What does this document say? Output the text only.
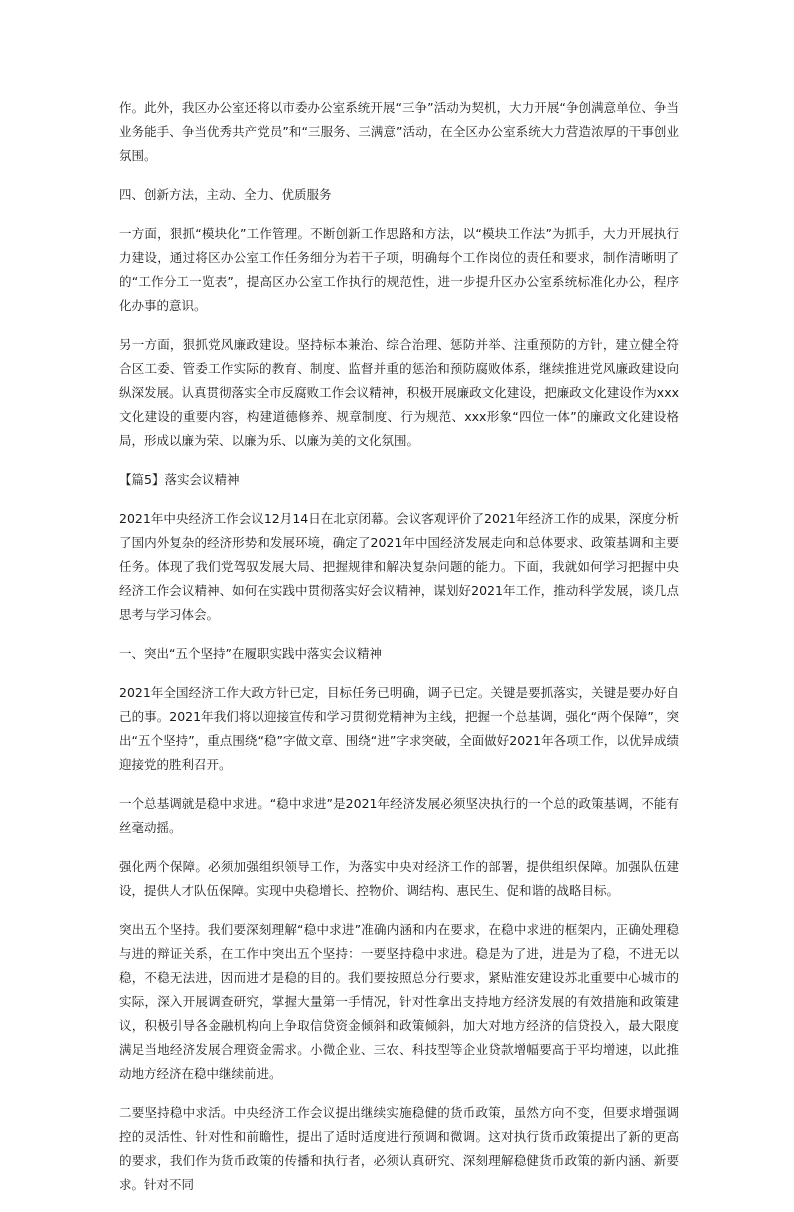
作。此外，我区办公室还将以市委办公室系统开展“三争”活动为契机，大力开展“争创满意单位、争当业务能手、争当优秀共产党员”和“三服务、三满意”活动，在全区办公室系统大力营造浓厚的干事创业氛围。

四、创新方法，主动、全力、优质服务

一方面，狠抓“模块化”工作管理。不断创新工作思路和方法，以“模块工作法”为抓手，大力开展执行力建设，通过将区办公室工作任务细分为若干子项，明确每个工作岗位的责任和要求，制作清晰明了的“工作分工一览表”，提高区办公室工作执行的规范性，进一步提升区办公室系统标准化办公，程序化办事的意识。

另一方面，狠抓党风廉政建设。坚持标本兼治、综合治理、惩防并举、注重预防的方针，建立健全符合区工委、管委工作实际的教育、制度、监督并重的惩治和预防腐败体系，继续推进党风廉政建设向纵深发展。认真贯彻落实全市反腐败工作会议精神，积极开展廉政文化建设，把廉政文化建设作为xxx文化建设的重要内容，构建道德修养、规章制度、行为规范、xxx形象“四位一体”的廉政文化建设格局，形成以廉为荣、以廉为乐、以廉为美的文化氛围。

【篇5】落实会议精神

2021年中央经济工作会议12月14日在北京闭幕。会议客观评价了2021年经济工作的成果，深度分析了国内外复杂的经济形势和发展环境，确定了2021年中国经济发展走向和总体要求、政策基调和主要任务。体现了我们党驾驭发展大局、把握规律和解决复杂问题的能力。下面，我就如何学习把握中央经济工作会议精神、如何在实践中贯彻落实好会议精神，谋划好2021年工作，推动科学发展，谈几点思考与学习体会。

一、突出“五个坚持”在履职实践中落实会议精神

2021年全国经济工作大政方针已定，目标任务已明确，调子已定。关键是要抓落实，关键是要办好自己的事。2021年我们将以迎接宣传和学习贯彻党精神为主线，把握一个总基调，强化“两个保障”，突出“五个坚持”，重点围绕“稳”字做文章、围绕“进”字求突破，全面做好2021年各项工作，以优异成绩迎接党的胜利召开。

一个总基调就是稳中求进。“稳中求进”是2021年经济发展必须坚决执行的一个总的政策基调，不能有丝毫动摇。

强化两个保障。必须加强组织领导工作，为落实中央对经济工作的部署，提供组织保障。加强队伍建设，提供人才队伍保障。实现中央稳增长、控物价、调结构、惠民生、促和谐的战略目标。

突出五个坚持。我们要深刻理解“稳中求进”准确内涵和内在要求，在稳中求进的框架内，正确处理稳与进的辩证关系，在工作中突出五个坚持：一要坚持稳中求进。稳是为了进，进是为了稳，不进无以稳，不稳无法进，因而进才是稳的目的。我们要按照总分行要求，紧贴淮安建设苏北重要中心城市的实际，深入开展调查研究，掌握大量第一手情况，针对性拿出支持地方经济发展的有效措施和政策建议，积极引导各金融机构向上争取信贷资金倾斜和政策倾斜，加大对地方经济的信贷投入，最大限度满足当地经济发展合理资金需求。小微企业、三农、科技型等企业贷款增幅要高于平均增速，以此推动地方经济在稳中继续前进。

二要坚持稳中求活。中央经济工作会议提出继续实施稳健的货币政策，虽然方向不变，但要求增强调控的灵活性、针对性和前瞻性，提出了适时适度进行预调和微调。这对执行货币政策提出了新的更高的要求，我们作为货币政策的传播和执行者，必须认真研究、深刻理解稳健货币政策的新内涵、新要求。针对不同
